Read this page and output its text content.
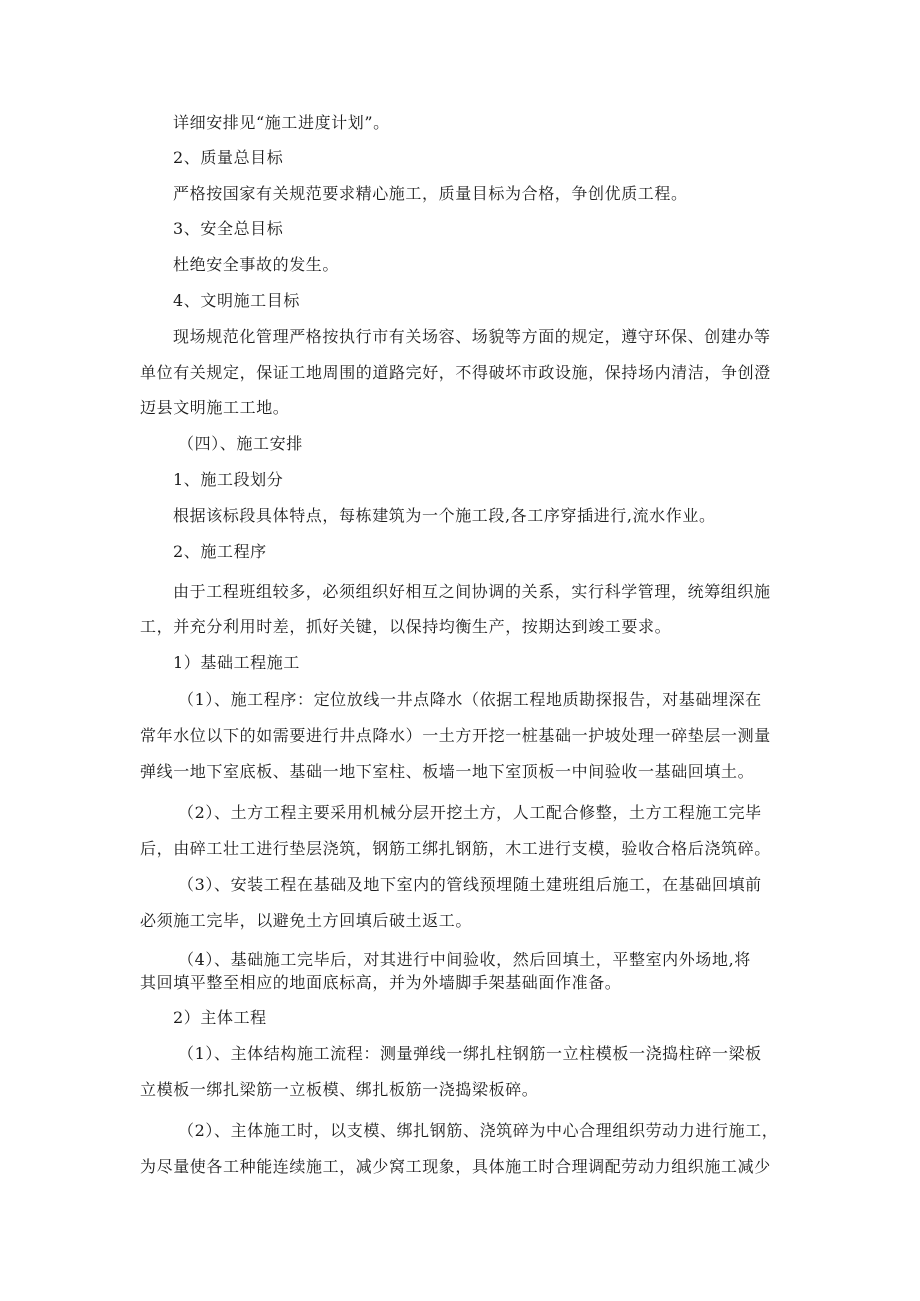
详细安排见“施工进度计划”。

2、质量总目标

严格按国家有关规范要求精心施工，质量目标为合格，争创优质工程。

3、安全总目标

杜绝安全事故的发生。

4、文明施工目标

现场规范化管理严格按执行市有关场容、场貌等方面的规定，遵守环保、创建办等

单位有关规定，保证工地周围的道路完好，不得破坏市政设施，保持场内清洁，争创澄

迈县文明施工工地。

（四）、施工安排

1、施工段划分

根据该标段具体特点，每栋建筑为一个施工段,各工序穿插进行,流水作业。

2、施工程序

由于工程班组较多，必须组织好相互之间协调的关系，实行科学管理，统筹组织施

工，并充分利用时差，抓好关键，以保持均衡生产，按期达到竣工要求。

1）基础工程施工

（1）、施工程序：定位放线一井点降水（依据工程地质勘探报告，对基础埋深在

常年水位以下的如需要进行井点降水）一土方开挖一桩基础一护坡处理一碎垫层一测量

弹线一地下室底板、基础一地下室柱、板墙一地下室顶板一中间验收一基础回填土。

（2）、土方工程主要采用机械分层开挖土方，人工配合修整，土方工程施工完毕

后，由碎工壮工进行垫层浇筑，钢筋工绑扎钢筋，木工进行支模，验收合格后浇筑碎。

（3）、安装工程在基础及地下室内的管线预埋随土建班组后施工，在基础回填前

必须施工完毕，以避免土方回填后破土返工。

（4）、基础施工完毕后，对其进行中间验收，然后回填土，平整室内外场地,将

其回填平整至相应的地面底标高，并为外墙脚手架基础面作准备。

2）主体工程

（1）、主体结构施工流程：测量弹线一绑扎柱钢筋一立柱模板一浇捣柱碎一梁板

立模板一绑扎梁筋一立板模、绑扎板筋一浇捣梁板碎。

（2）、主体施工时，以支模、绑扎钢筋、浇筑碎为中心合理组织劳动力进行施工，

为尽量使各工种能连续施工，减少窝工现象，具体施工时合理调配劳动力组织施工减少
